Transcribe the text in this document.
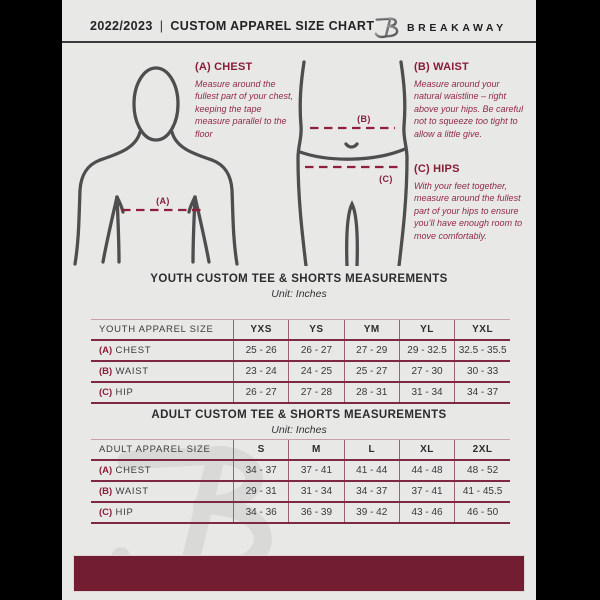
2022/2023 | CUSTOM APPAREL SIZE CHART	BREAKAWAY
(A)
(B)
(C)
(A) CHEST

Measure around the fullest part of your chest, keeping the tape measure parallel to the floor

(B) WAIST

Measure around your natural waistline – right above your hips. Be careful not to squeeze too tight to allow a little give.

(C) HIPS

With your feet together, measure around the fullest part of your hips to ensure you’ll have enough room to move comfortably.

YOUTH CUSTOM TEE & SHORTS MEASUREMENTS
Unit: Inches
YOUTH APPAREL SIZE	YXS	YS	YM	YL	YXL
(A) CHEST	25 - 26	26 - 27	27 - 29	29 - 32.5	32.5 - 35.5
(B) WAIST	23 - 24	24 - 25	25 - 27	27 - 30	30 - 33
(C) HIP	26 - 27	27 - 28	28 - 31	31 - 34	34 - 37
ADULT CUSTOM TEE & SHORTS MEASUREMENTS
Unit: Inches
ADULT APPAREL SIZE	S	M	L	XL	2XL
(A) CHEST	34 - 37	37 - 41	41 - 44	44 - 48	48 - 52
(B) WAIST	29 - 31	31 - 34	34 - 37	37 - 41	41 - 45.5
(C) HIP	34 - 36	36 - 39	39 - 42	43 - 46	46 - 50
